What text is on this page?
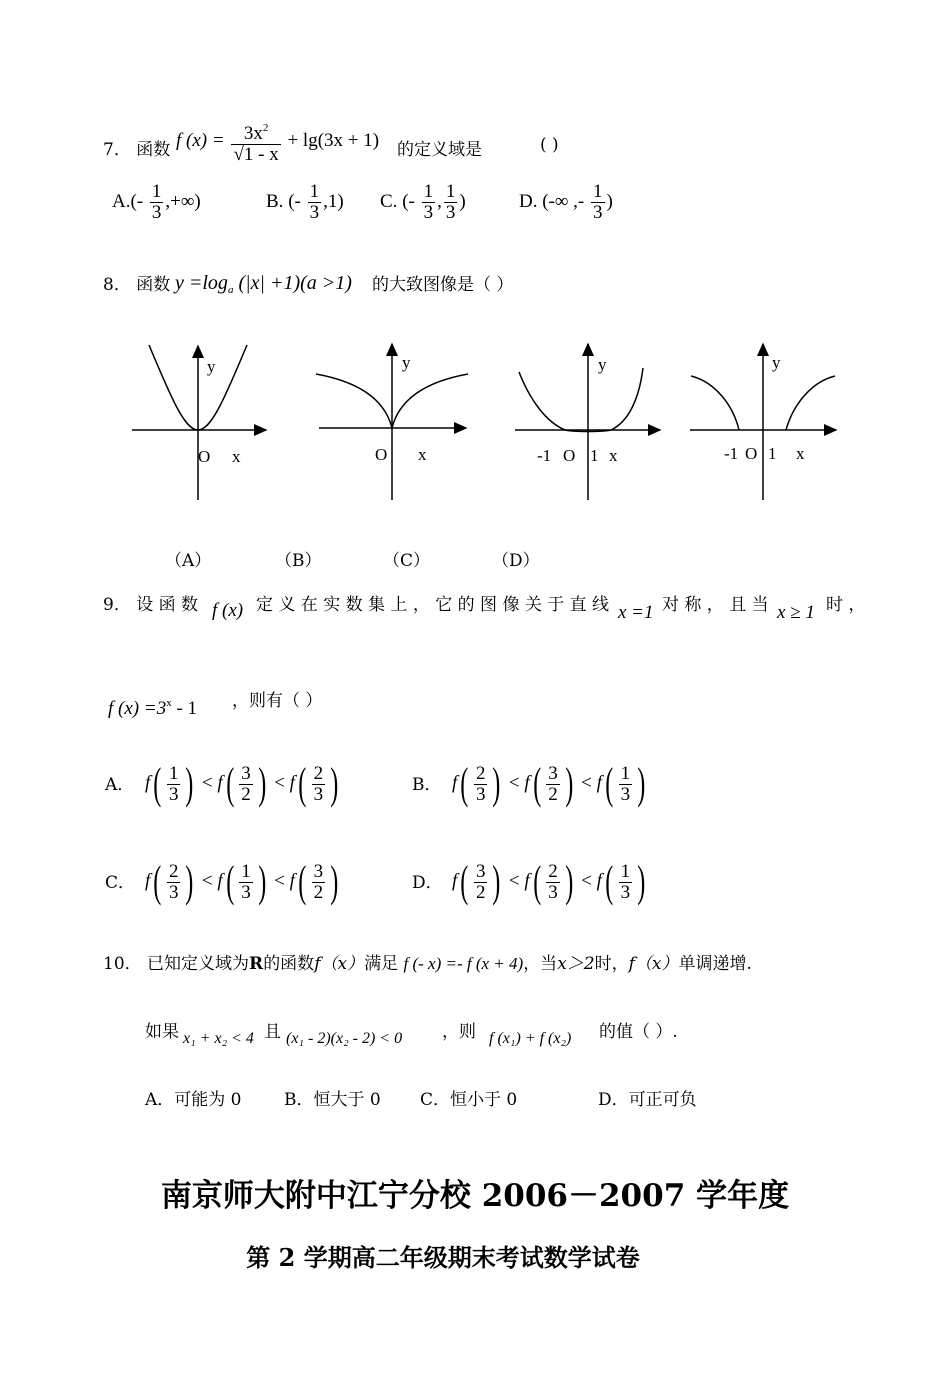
7． 函数 f $(x) = \frac{3x^2}{√1 - x} + \lg(3x + 1)$ 的定义域是	( )
$A.(- \frac{1}{3}$ ,+∞)	B. (- $\frac{1}{3} ,1$) C. (- $\frac{1}{3}$ , $\frac{1}{3}$ )	D. (-∞ ,- $\frac{1}{3}$ )
8． 函数 $y =\log_a$ (|x| +1)(a >1) 的大致图像是（ ）
y
O x
y
O x
y
-1 O 1 x
y
-1 O 1 x
（A）	（B）	（C）	（D）
9． 设 函 数 f (x) 定 义 在 实 数 集 上 ， 它 的 图 像 关 于 直 线 x =1 对 称 ， 且 当 x ≥ 1 时 ，
f $(x) =3^x - 1$ ，则有（ ）
A． $f( \frac{1}{3}$ ) < $f( \frac{3}{2}$ ) < $f( \frac{2}{3}$ )	B． $f( \frac{2}{3}$ ) < $f( \frac{3}{2}$ ) < $f( \frac{1}{3}$ )
C． $f( \frac{2}{3}$ ) < $f( \frac{1}{3}$ ) < $f( \frac{3}{2}$ )	D． $f( \frac{3}{2}$ ) < $f( \frac{2}{3}$ ) < $f( \frac{1}{3}$ )
10． 已知定义域为R的函数f（x）满足 f (- x) =- f (x + 4)，当x＞2时，f（x）单调递增.
如果 x₁ + x₂ < 4 且 (x₁ - 2)(x₂ - 2) < 0 ，则 f (x₁) + f (x₂) 的值（ ）.
A．可能为 0 B．恒大于 0 C．恒小于 0	D．可正可负
南京师大附中江宁分校 2006－2007 学年度
第 2 学期高二年级期末考试数学试卷
